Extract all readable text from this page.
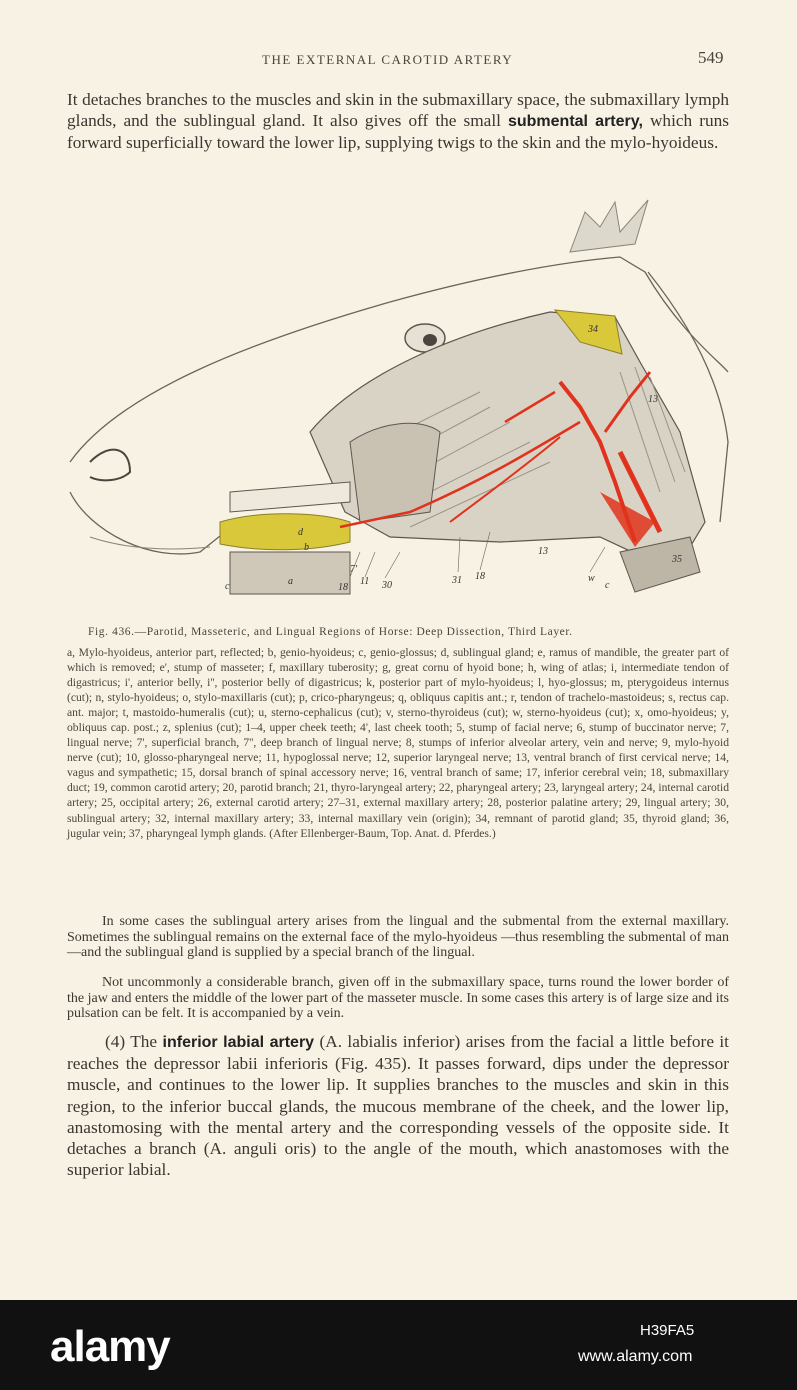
THE EXTERNAL CAROTID ARTERY	549
It detaches branches to the muscles and skin in the submaxillary space, the submaxillary lymph glands, and the sublingual gland. It also gives off the small submental artery, which runs forward superficially toward the lower lip, supplying twigs to the skin and the mylo-hyoideus.
34
13
c	a
18
7'
11 30	31 18
13
w
c
35
d
b
Fig. 436.—Parotid, Masseteric, and Lingual Regions of Horse: Deep Dissection, Third Layer.
a, Mylo-hyoideus, anterior part, reflected; b, genio-hyoideus; c, genio-glossus; d, sublingual gland; e, ramus of mandible, the greater part of which is removed; e', stump of masseter; f, maxillary tuberosity; g, great cornu of hyoid bone; h, wing of atlas; i, intermediate tendon of digastricus; i', anterior belly, i'', posterior belly of digastricus; k, posterior part of mylo-hyoideus; l, hyo-glossus; m, pterygoideus internus (cut); n, stylo-hyoideus; o, stylo-maxillaris (cut); p, crico-pharyngeus; q, obliquus capitis ant.; r, tendon of trachelo-mastoideus; s, rectus cap. ant. major; t, mastoido-humeralis (cut); u, sterno-cephalicus (cut); v, sterno-thyroideus (cut); w, sterno-hyoideus (cut); x, omo-hyoideus; y, obliquus cap. post.; z, splenius (cut); 1–4, upper cheek teeth; 4', last cheek tooth; 5, stump of facial nerve; 6, stump of buccinator nerve; 7, lingual nerve; 7', superficial branch, 7'', deep branch of lingual nerve; 8, stumps of inferior alveolar artery, vein and nerve; 9, mylo-hyoid nerve (cut); 10, glosso-pharyngeal nerve; 11, hypoglossal nerve; 12, superior laryngeal nerve; 13, ventral branch of first cervical nerve; 14, vagus and sympathetic; 15, dorsal branch of spinal accessory nerve; 16, ventral branch of same; 17, inferior cerebral vein; 18, submaxillary duct; 19, common carotid artery; 20, parotid branch; 21, thyro-laryngeal artery; 22, pharyngeal artery; 23, laryngeal artery; 24, internal carotid artery; 25, occipital artery; 26, external carotid artery; 27–31, external maxillary artery; 28, posterior palatine artery; 29, lingual artery; 30, sublingual artery; 32, internal maxillary artery; 33, internal maxillary vein (origin); 34, remnant of parotid gland; 35, thyroid gland; 36, jugular vein; 37, pharyngeal lymph glands. (After Ellenberger-Baum, Top. Anat. d. Pferdes.)
In some cases the sublingual artery arises from the lingual and the submental from the external maxillary. Sometimes the sublingual remains on the external face of the mylo-hyoideus —thus resembling the submental of man—and the sublingual gland is supplied by a special branch of the lingual.
Not uncommonly a considerable branch, given off in the submaxillary space, turns round the lower border of the jaw and enters the middle of the lower part of the masseter muscle. In some cases this artery is of large size and its pulsation can be felt. It is accompanied by a vein.
(4) The inferior labial artery (A. labialis inferior) arises from the facial a little before it reaches the depressor labii inferioris (Fig. 435). It passes forward, dips under the depressor muscle, and continues to the lower lip. It supplies branches to the muscles and skin in this region, to the inferior buccal glands, the mucous membrane of the cheek, and the lower lip, anastomosing with the mental artery and the corresponding vessels of the opposite side. It detaches a branch (A. anguli oris) to the angle of the mouth, which anastomoses with the superior labial.
alamy	H39FA5
www.alamy.com
